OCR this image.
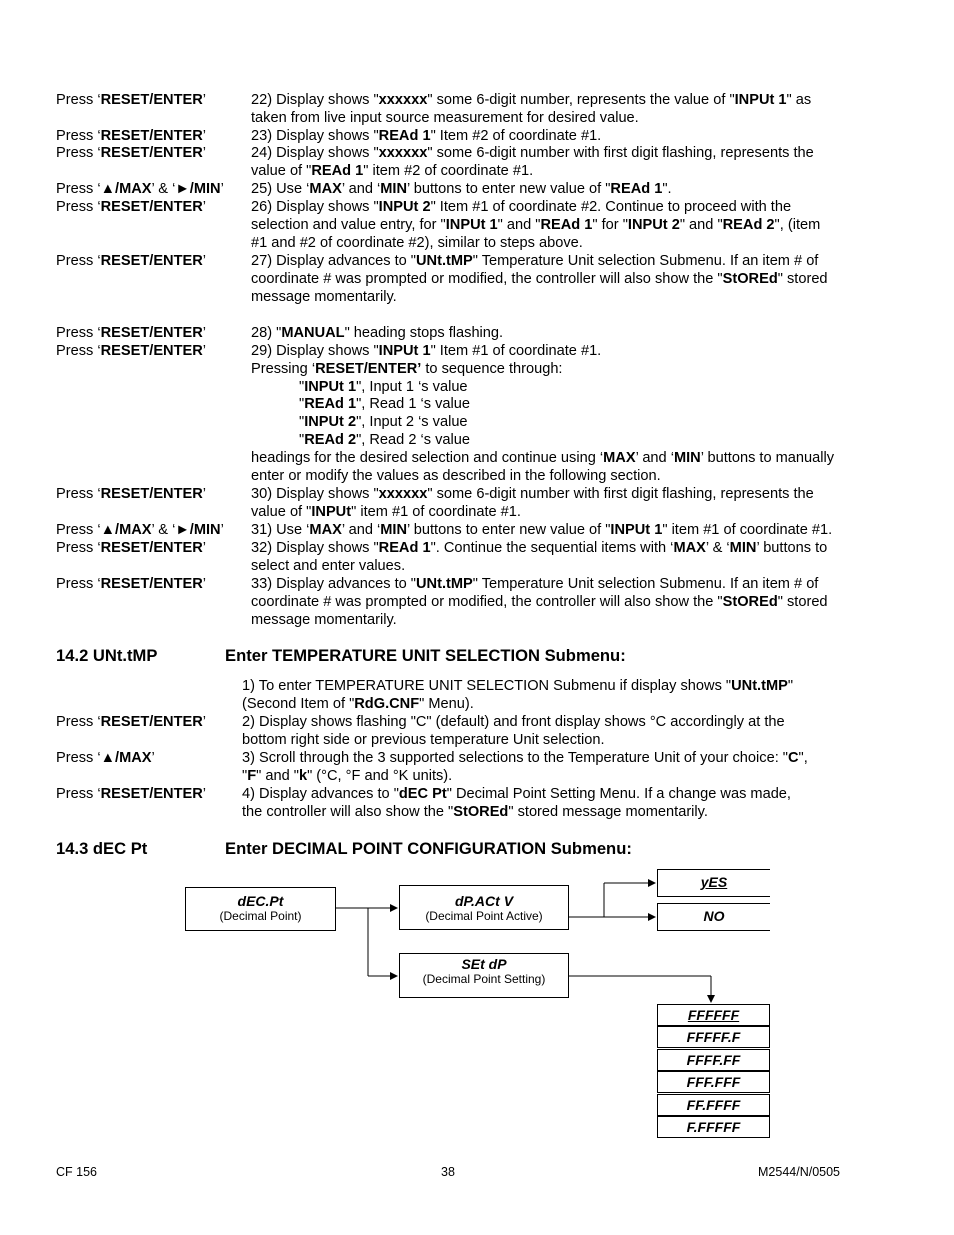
Press ‘RESET/ENTER’	22) Display shows "xxxxxx" some 6-digit number, represents the value of "INPUt 1" as
taken from live input source measurement for desired value.
Press ‘RESET/ENTER’	23) Display shows "REAd 1" Item #2 of coordinate #1.
Press ‘RESET/ENTER’	24) Display shows "xxxxxx" some 6-digit number with first digit flashing, represents the
value of "REAd 1" item #2 of coordinate #1.
Press ‘▲/MAX’ & ‘►/MIN’ 25) Use ‘MAX’ and ‘MIN’ buttons to enter new value of "REAd 1".
Press ‘RESET/ENTER’	26) Display shows "INPUt 2" Item #1 of coordinate #2. Continue to proceed with the
selection and value entry, for "INPUt 1" and "REAd 1" for "INPUt 2" and "REAd 2", (item
#1 and #2 of coordinate #2), similar to steps above.
Press ‘RESET/ENTER’	27) Display advances to "UNt.tMP" Temperature Unit selection Submenu. If an item # of
coordinate # was prompted or modified, the controller will also show the "StOREd" stored
message momentarily.
Press ‘RESET/ENTER’	28) "MANUAL" heading stops flashing.
Press ‘RESET/ENTER’	29) Display shows "INPUt 1" Item #1 of coordinate #1.
Pressing ‘RESET/ENTER’ to sequence through:
"INPUt 1", Input 1 ‘s value
"REAd 1", Read 1 ‘s value
"INPUt 2", Input 2 ‘s value
"REAd 2", Read 2 ‘s value
headings for the desired selection and continue using ‘MAX’ and ‘MIN’ buttons to manually
enter or modify the values as described in the following section.
Press ‘RESET/ENTER’	30) Display shows "xxxxxx" some 6-digit number with first digit flashing, represents the
value of "INPUt" item #1 of coordinate #1.
Press ‘▲/MAX’ & ‘►/MIN’ 31) Use ‘MAX’ and ‘MIN’ buttons to enter new value of "INPUt 1" item #1 of coordinate #1.
Press ‘RESET/ENTER’	32) Display shows "REAd 1". Continue the sequential items with ‘MAX’ & ‘MIN’ buttons to
select and enter values.
Press ‘RESET/ENTER’	33) Display advances to "UNt.tMP" Temperature Unit selection Submenu. If an item # of
coordinate # was prompted or modified, the controller will also show the "StOREd" stored
message momentarily.
1) To enter TEMPERATURE UNIT SELECTION Submenu if display shows "UNt.tMP"
(Second Item of "RdG.CNF" Menu).
Press ‘RESET/ENTER’ 2) Display shows flashing "C" (default) and front display shows °C accordingly at the
bottom right side or previous temperature Unit selection.
Press ‘▲/MAX’	3) Scroll through the 3 supported selections to the Temperature Unit of your choice: "C",
"F" and "k" (°C, °F and °K units).
Press ‘RESET/ENTER’ 4) Display advances to "dEC Pt" Decimal Point Setting Menu. If a change was made,
the controller will also show the "StOREd" stored message momentarily.
14.2 UNt.tMP	Enter TEMPERATURE UNIT SELECTION Submenu:
14.3 dEC Pt	Enter DECIMAL POINT CONFIGURATION Submenu:
dEC.Pt
(Decimal Point)
dP.ACt V
(Decimal Point Active)
SEt dP
(Decimal Point Setting)
yES
NO
FFFFFF
FFFFF.F
FFFF.FF
FFF.FFF
FF.FFFF
F.FFFFF
CF 156	38	M2544/N/0505
